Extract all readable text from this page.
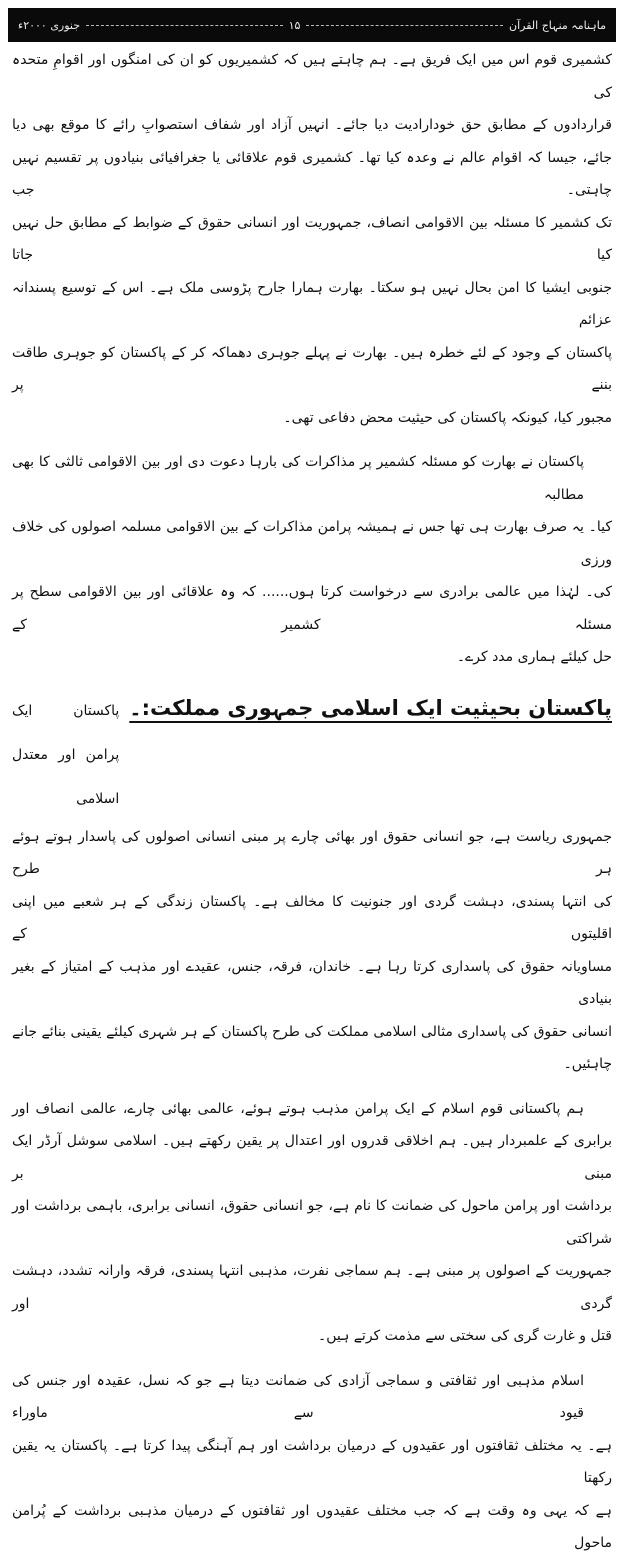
ماہنامہ منہاج القرآن
۱۵
جنوری ۲۰۰۰ء
کشمیری قوم اس میں ایک فریق ہے۔ ہم چاہتے ہیں کہ کشمیریوں کو ان کی امنگوں اور اقوامِ متحدہ کی
قراردادوں کے مطابق حق خودارادیت دیا جائے۔ انہیں آزاد اور شفاف استصوابِ رائے کا موقع بھی دیا
جائے، جیسا کہ اقوام عالم نے وعدہ کیا تھا۔ کشمیری قوم علاقائی یا جغرافیائی بنیادوں پر تقسیم نہیں چاہتی۔ جب
تک کشمیر کا مسئلہ بین الاقوامی انصاف، جمہوریت اور انسانی حقوق کے ضوابط کے مطابق حل نہیں کیا جاتا
جنوبی ایشیا کا امن بحال نہیں ہو سکتا۔ بھارت ہمارا جارح پڑوسی ملک ہے۔ اس کے توسیع پسندانہ عزائم
پاکستان کے وجود کے لئے خطرہ ہیں۔ بھارت نے پہلے جوہری دھماکہ کر کے پاکستان کو جوہری طاقت بننے پر
مجبور کیا، کیونکہ پاکستان کی حیثیت محض دفاعی تھی۔
پاکستان نے بھارت کو مسئلہ کشمیر پر مذاکرات کی بارہا دعوت دی اور بین الاقوامی ثالثی کا بھی مطالبہ
کیا۔ یہ صرف بھارت ہی تھا جس نے ہمیشہ پرامن مذاکرات کے بین الاقوامی مسلمہ اصولوں کی خلاف ورزی
کی۔ لہٰذا میں عالمی برادری سے درخواست کرتا ہوں...... کہ وہ علاقائی اور بین الاقوامی سطح پر مسئلہ کشمیر کے
حل کیلئے ہماری مدد کرے۔
پاکستان بحیثیت ایک اسلامی جمہوری مملکت:۔
پاکستان ایک پرامن اور معتدل اسلامی
جمہوری ریاست ہے، جو انسانی حقوق اور بھائی چارے پر مبنی انسانی اصولوں کی پاسدار ہوتے ہوئے ہر طرح
کی انتہا پسندی، دہشت گردی اور جنونیت کا مخالف ہے۔ پاکستان زندگی کے ہر شعبے میں اپنی اقلیتوں کے
مساویانہ حقوق کی پاسداری کرتا رہا ہے۔ خاندان، فرقہ، جنس، عقیدے اور مذہب کے امتیاز کے بغیر بنیادی
انسانی حقوق کی پاسداری مثالی اسلامی مملکت کی طرح پاکستان کے ہر شہری کیلئے یقینی بنائے جانے چاہئیں۔
ہم پاکستانی قوم اسلام کے ایک پرامن مذہب ہوتے ہوئے، عالمی بھائی چارے، عالمی انصاف اور
برابری کے علمبردار ہیں۔ ہم اخلاقی قدروں اور اعتدال پر یقین رکھتے ہیں۔ اسلامی سوشل آرڈر ایک مبنی بر
برداشت اور پرامن ماحول کی ضمانت کا نام ہے، جو انسانی حقوق، انسانی برابری، باہمی برداشت اور شراکتی
جمہوریت کے اصولوں پر مبنی ہے۔ ہم سماجی نفرت، مذہبی انتہا پسندی، فرقہ وارانہ تشدد، دہشت گردی اور
قتل و غارت گری کی سختی سے مذمت کرتے ہیں۔
اسلام مذہبی اور ثقافتی و سماجی آزادی کی ضمانت دیتا ہے جو کہ نسل، عقیدہ اور جنس کی قیود سے ماوراء
ہے۔ یہ مختلف ثقافتوں اور عقیدوں کے درمیان برداشت اور ہم آہنگی پیدا کرتا ہے۔ پاکستان یہ یقین رکھتا
ہے کہ یہی وہ وقت ہے کہ جب مختلف عقیدوں اور ثقافتوں کے درمیان مذہبی برداشت کے پُرامن ماحول
